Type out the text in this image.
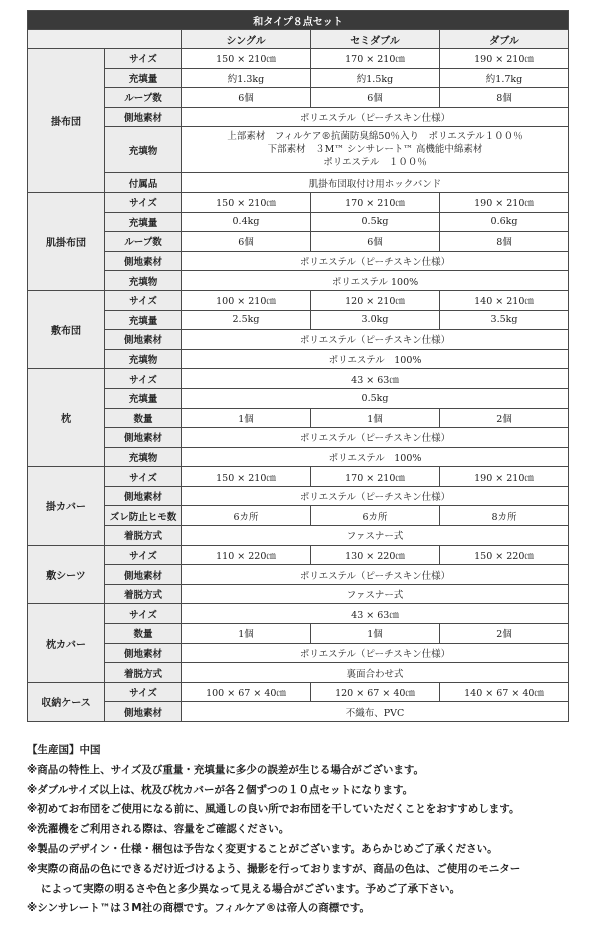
和タイプ８点セット				
		シングル	セミダブル	ダブル
掛布団	サイズ	150 × 210㎝	170 × 210㎝	190 × 210㎝
	充填量	約1.3kg	約1.5kg	約1.7kg
	ループ数	6個	6個	8個
	側地素材	ポリエステル（ピーチスキン仕様）		
	充填物	上部素材　フィルケア®抗菌防臭綿50％入り　ポリエステル１００％
下部素材　３M™ シンサレート™ 高機能中綿素材
ポリエステル　１００％		

	付属品	肌掛布団取付け用ホックバンド		
肌掛布団	サイズ	150 × 210㎝	170 × 210㎝	190 × 210㎝
	充填量	0.4kg	0.5kg	0.6kg
	ループ数	6個	6個	8個
	側地素材	ポリエステル（ピーチスキン仕様）		
	充填物	ポリエステル 100%		
敷布団	サイズ	100 × 210㎝	120 × 210㎝	140 × 210㎝
	充填量	2.5kg	3.0kg	3.5kg
	側地素材	ポリエステル（ピーチスキン仕様）		
	充填物	ポリエステル　100%		
枕	サイズ	43 × 63㎝		
	充填量	0.5kg		
	数量	1個	1個	2個
	側地素材	ポリエステル（ピーチスキン仕様）		
	充填物	ポリエステル　100%		
掛カバー	サイズ	150 × 210㎝	170 × 210㎝	190 × 210㎝
	側地素材	ポリエステル（ピーチスキン仕様）		
	ズレ防止ヒモ数	6カ所	6カ所	8カ所
	着脱方式	ファスナー式		
敷シーツ	サイズ	110 × 220㎝	130 × 220㎝	150 × 220㎝
	側地素材	ポリエステル（ピーチスキン仕様）		
	着脱方式	ファスナー式		
枕カバー	サイズ	43 × 63㎝		
	数量	1個	1個	2個
	側地素材	ポリエステル（ピーチスキン仕様）		
	着脱方式	裏面合わせ式		
収納ケース	サイズ	100 × 67 × 40㎝	120 × 67 × 40㎝	140 × 67 × 40㎝
	側地素材	不織布、PVC		
【生産国】中国
※商品の特性上、サイズ及び重量・充填量に多少の誤差が生じる場合がございます。
※ダブルサイズ以上は、枕及び枕カバーが各２個ずつの１０点セットになります。
※初めてお布団をご使用になる前に、風通しの良い所でお布団を干していただくことをおすすめします。
※洗濯機をご利用される際は、容量をご確認ください。
※製品のデザイン・仕様・梱包は予告なく変更することがございます。あらかじめご了承ください。
※実際の商品の色にできるだけ近づけるよう、撮影を行っておりますが、商品の色は、ご使用のモニター
によって実際の明るさや色と多少異なって見える場合がございます。予めご了承下さい。
※シンサレート™は３M社の商標です。フィルケア®は帝人の商標です。
